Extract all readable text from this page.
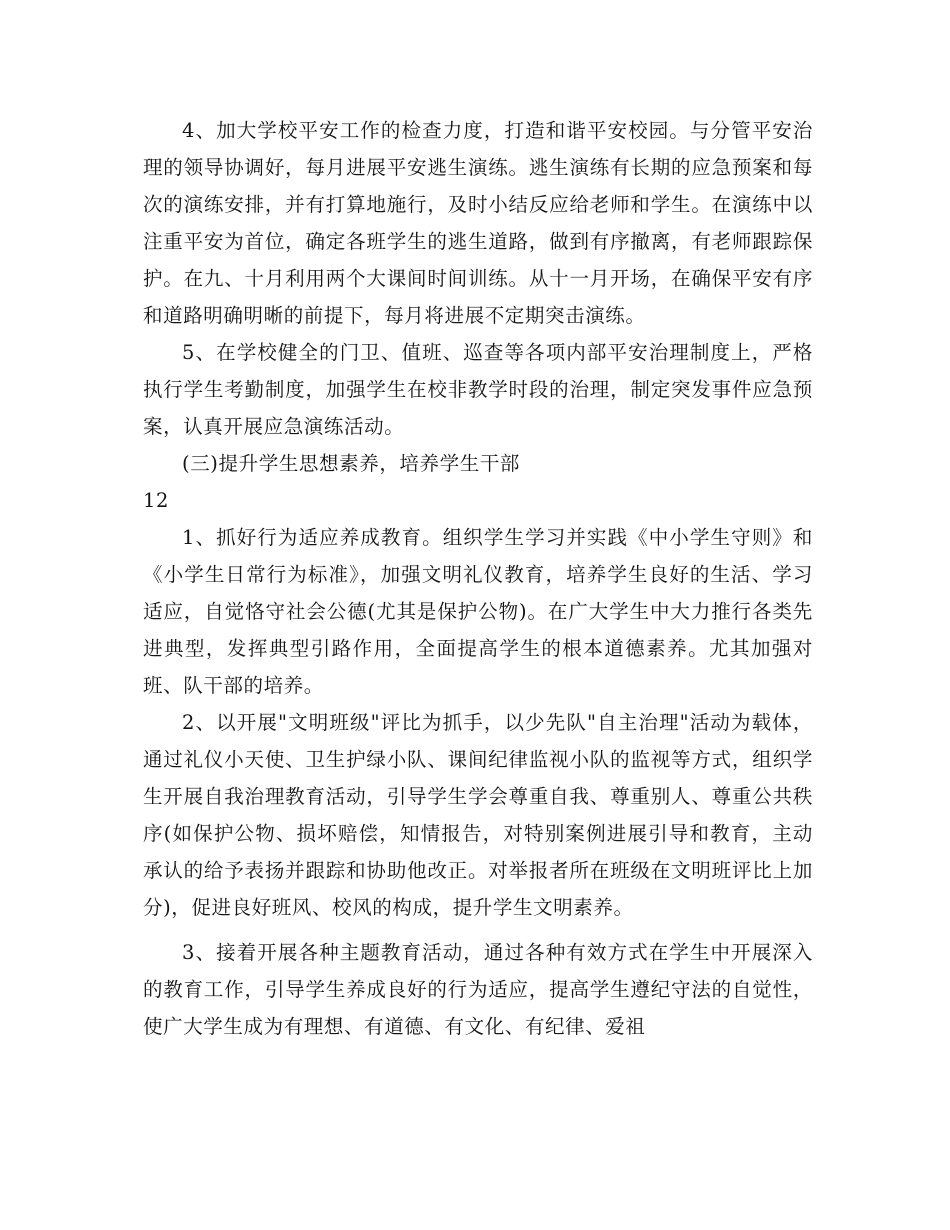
4、加大学校平安工作的检查力度，打造和谐平安校园。与分管平安治理的领导协调好，每月进展平安逃生演练。逃生演练有长期的应急预案和每次的演练安排，并有打算地施行，及时小结反应给老师和学生。在演练中以注重平安为首位，确定各班学生的逃生道路，做到有序撤离，有老师跟踪保护。在九、十月利用两个大课间时间训练。从十一月开场，在确保平安有序和道路明确明晰的前提下，每月将进展不定期突击演练。

5、在学校健全的门卫、值班、巡查等各项内部平安治理制度上，严格执行学生考勤制度，加强学生在校非教学时段的治理，制定突发事件应急预案，认真开展应急演练活动。

(三)提升学生思想素养，培养学生干部

12

1、抓好行为适应养成教育。组织学生学习并实践《中小学生守则》和《小学生日常行为标准》，加强文明礼仪教育，培养学生良好的生活、学习适应，自觉恪守社会公德(尤其是保护公物)。在广大学生中大力推行各类先进典型，发挥典型引路作用，全面提高学生的根本道德素养。尤其加强对班、队干部的培养。

2、以开展"文明班级"评比为抓手，以少先队"自主治理"活动为载体，通过礼仪小天使、卫生护绿小队、课间纪律监视小队的监视等方式，组织学生开展自我治理教育活动，引导学生学会尊重自我、尊重别人、尊重公共秩序(如保护公物、损坏赔偿，知情报告，对特别案例进展引导和教育，主动承认的给予表扬并跟踪和协助他改正。对举报者所在班级在文明班评比上加分)，促进良好班风、校风的构成，提升学生文明素养。

3、接着开展各种主题教育活动，通过各种有效方式在学生中开展深入的教育工作，引导学生养成良好的行为适应，提高学生遵纪守法的自觉性，使广大学生成为有理想、有道德、有文化、有纪律、爱祖
